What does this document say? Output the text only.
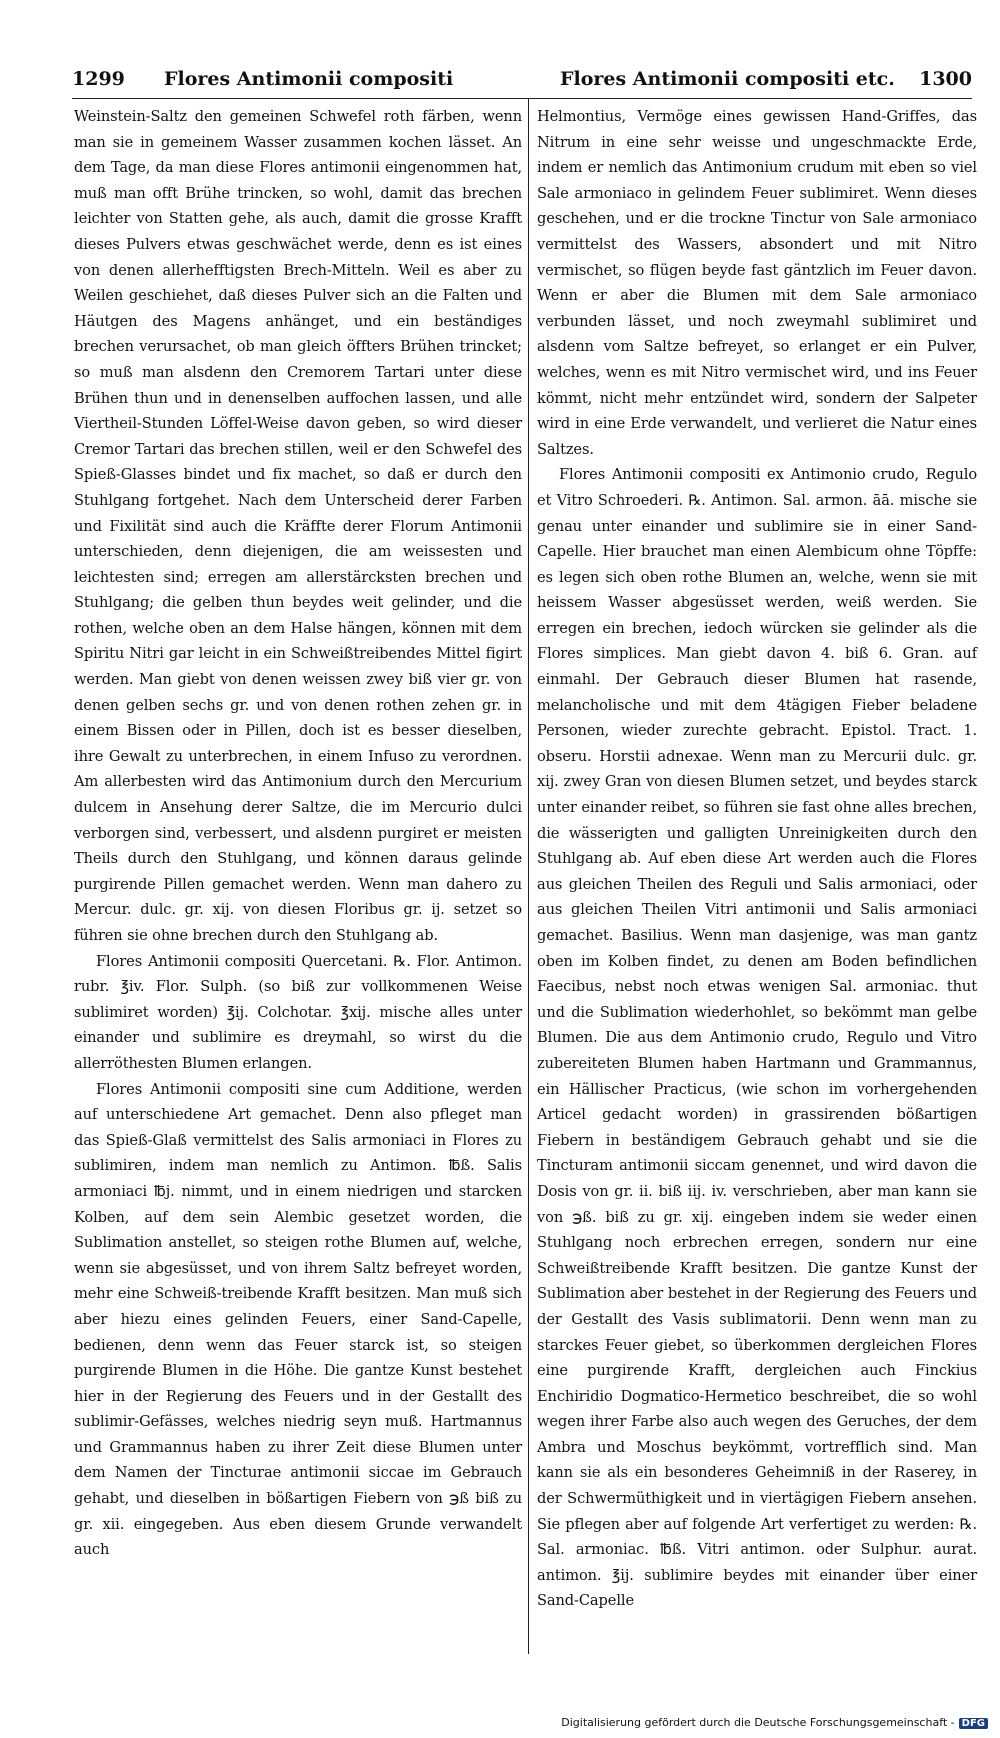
1299 Flores Antimonii compositi	Flores Antimonii compositi etc. 1300

Weinstein-Saltz den gemeinen Schwefel roth färben, wenn man sie in gemeinem Wasser zusammen kochen lässet. An dem Tage, da man diese Flores antimonii eingenommen hat, muß man offt Brühe trincken, so wohl, damit das brechen leichter von Statten gehe, als auch, damit die grosse Krafft dieses Pulvers etwas geschwächet werde, denn es ist eines von denen allerhefftigsten Brech-Mitteln. Weil es aber zu Weilen geschiehet, daß dieses Pulver sich an die Falten und Häutgen des Magens anhänget, und ein beständiges brechen verursachet, ob man gleich öffters Brühen trincket; so muß man alsdenn den Cremorem Tartari unter diese Brühen thun und in denenselben auffochen lassen, und alle Viertheil-Stunden Löffel-Weise davon geben, so wird dieser Cremor Tartari das brechen stillen, weil er den Schwefel des Spieß-Glasses bindet und fix machet, so daß er durch den Stuhlgang fortgehet. Nach dem Unterscheid derer Farben und Fixilität sind auch die Kräffte derer Florum Antimonii unterschieden, denn diejenigen, die am weissesten und leichtesten sind; erregen am allerstärcksten brechen und Stuhlgang; die gelben thun beydes weit gelinder, und die rothen, welche oben an dem Halse hängen, können mit dem Spiritu Nitri gar leicht in ein Schweißtreibendes Mittel figirt werden. Man giebt von denen weissen zwey biß vier gr. von denen gelben sechs gr. und von denen rothen zehen gr. in einem Bissen oder in Pillen, doch ist es besser dieselben, ihre Gewalt zu unterbrechen, in einem Infuso zu verordnen. Am allerbesten wird das Antimonium durch den Mercurium dulcem in Ansehung derer Saltze, die im Mercurio dulci verborgen sind, verbessert, und alsdenn purgiret er meisten Theils durch den Stuhlgang, und können daraus gelinde purgirende Pillen gemachet werden. Wenn man dahero zu Mercur. dulc. gr. xij. von diesen Floribus gr. ij. setzet so führen sie ohne brechen durch den Stuhlgang ab.

Flores Antimonii compositi Quercetani. ℞. Flor. Antimon. rubr. ℥iv. Flor. Sulph. (so biß zur vollkommenen Weise sublimiret worden) ℥ij. Colchotar. ℥xij. mische alles unter einander und sublimire es dreymahl, so wirst du die allerröthesten Blumen erlangen.

Flores Antimonii compositi sine cum Additione, werden auf unterschiedene Art gemachet. Denn also pfleget man das Spieß-Glaß vermittelst des Salis armoniaci in Flores zu sublimiren, indem man nemlich zu Antimon. ℔ß. Salis armoniaci ℔j. nimmt, und in einem niedrigen und starcken Kolben, auf dem sein Alembic gesetzet worden, die Sublimation anstellet, so steigen rothe Blumen auf, welche, wenn sie abgesüsset, und von ihrem Saltz befreyet worden, mehr eine Schweiß-treibende Krafft besitzen. Man muß sich aber hiezu eines gelinden Feuers, einer Sand-Capelle, bedienen, denn wenn das Feuer starck ist, so steigen purgirende Blumen in die Höhe. Die gantze Kunst bestehet hier in der Regierung des Feuers und in der Gestallt des sublimir-Gefässes, welches niedrig seyn muß. Hartmannus und Grammannus haben zu ihrer Zeit diese Blumen unter dem Namen der Tincturae antimonii siccae im Gebrauch gehabt, und dieselben in bößartigen Fiebern von ℈ß biß zu gr. xii. eingegeben. Aus eben diesem Grunde verwandelt auch

Helmontius, Vermöge eines gewissen Hand-Griffes, das Nitrum in eine sehr weisse und ungeschmackte Erde, indem er nemlich das Antimonium crudum mit eben so viel Sale armoniaco in gelindem Feuer sublimiret. Wenn dieses geschehen, und er die trockne Tinctur von Sale armoniaco vermittelst des Wassers, absondert und mit Nitro vermischet, so flügen beyde fast gäntzlich im Feuer davon. Wenn er aber die Blumen mit dem Sale armoniaco verbunden lässet, und noch zweymahl sublimiret und alsdenn vom Saltze befreyet, so erlanget er ein Pulver, welches, wenn es mit Nitro vermischet wird, und ins Feuer kömmt, nicht mehr entzündet wird, sondern der Salpeter wird in eine Erde verwandelt, und verlieret die Natur eines Saltzes.

Flores Antimonii compositi ex Antimonio crudo, Regulo et Vitro Schroederi. ℞. Antimon. Sal. armon. āā. mische sie genau unter einander und sublimire sie in einer Sand-Capelle. Hier brauchet man einen Alembicum ohne Töpffe: es legen sich oben rothe Blumen an, welche, wenn sie mit heissem Wasser abgesüsset werden, weiß werden. Sie erregen ein brechen, iedoch würcken sie gelinder als die Flores simplices. Man giebt davon 4. biß 6. Gran. auf einmahl. Der Gebrauch dieser Blumen hat rasende, melancholische und mit dem 4tägigen Fieber beladene Personen, wieder zurechte gebracht. Epistol. Tract. 1. obseru. Horstii adnexae. Wenn man zu Mercurii dulc. gr. xij. zwey Gran von diesen Blumen setzet, und beydes starck unter einander reibet, so führen sie fast ohne alles brechen, die wässerigten und galligten Unreinigkeiten durch den Stuhlgang ab. Auf eben diese Art werden auch die Flores aus gleichen Theilen des Reguli und Salis armoniaci, oder aus gleichen Theilen Vitri antimonii und Salis armoniaci gemachet. Basilius. Wenn man dasjenige, was man gantz oben im Kolben findet, zu denen am Boden befindlichen Faecibus, nebst noch etwas wenigen Sal. armoniac. thut und die Sublimation wiederhohlet, so bekömmt man gelbe Blumen. Die aus dem Antimonio crudo, Regulo und Vitro zubereiteten Blumen haben Hartmann und Grammannus, ein Hällischer Practicus, (wie schon im vorhergehenden Articel gedacht worden) in grassirenden bößartigen Fiebern in beständigem Gebrauch gehabt und sie die Tincturam antimonii siccam genennet, und wird davon die Dosis von gr. ii. biß iij. iv. verschrieben, aber man kann sie von ℈ß. biß zu gr. xij. eingeben indem sie weder einen Stuhlgang noch erbrechen erregen, sondern nur eine Schweißtreibende Krafft besitzen. Die gantze Kunst der Sublimation aber bestehet in der Regierung des Feuers und der Gestallt des Vasis sublimatorii. Denn wenn man zu starckes Feuer giebet, so überkommen dergleichen Flores eine purgirende Krafft, dergleichen auch Finckius Enchiridio Dogmatico-Hermetico beschreibet, die so wohl wegen ihrer Farbe also auch wegen des Geruches, der dem Ambra und Moschus beykömmt, vortrefflich sind. Man kann sie als ein besonderes Geheimniß in der Raserey, in der Schwermüthigkeit und in viertägigen Fiebern ansehen. Sie pflegen aber auf folgende Art verfertiget zu werden: ℞. Sal. armoniac. ℔ß. Vitri antimon. oder Sulphur. aurat. antimon. ℥ij. sublimire beydes mit einander über einer Sand-Capelle

Digitalisierung gefördert durch die Deutsche Forschungsgemeinschaft - DFG
